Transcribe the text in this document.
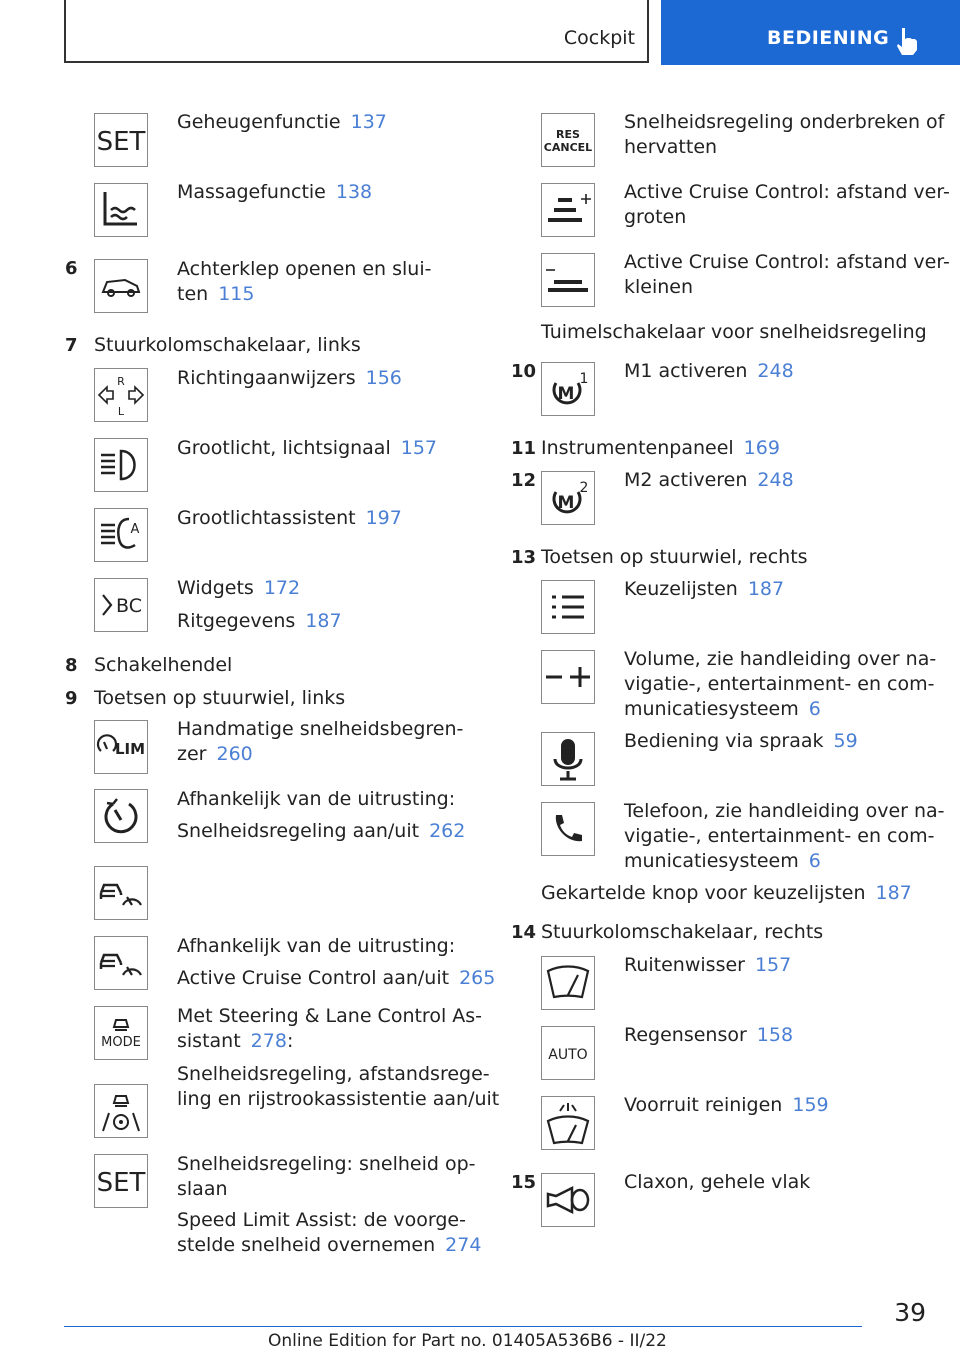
Cockpit	BEDIENING
SET
Geheugenfunctie 137
Massagefunctie 138
6	Achterklep openen en slui-
ten 115
7 Stuurkolomschakelaar, links
R
L
Richtingaanwijzers 156
Grootlicht, lichtsignaal 157
A
Grootlichtassistent 197
BC
Widgets 172
Ritgegevens 187
8 Schakelhendel
9 Toetsen op stuurwiel, links
LIM
Handmatige snelheidsbegren-
zer 260
Afhankelijk van de uitrusting:
Snelheidsregeling aan/uit 262
Afhankelijk van de uitrusting:
Active Cruise Control aan/uit 265
MODE
Met Steering & Lane Control As-
sistant 278:
Snelheidsregeling, afstandsrege-
ling en rijstrookassistentie aan/uit
SET
Snelheidsregeling: snelheid op-
slaan
Speed Limit Assist: de voorge-
stelde snelheid overnemen 274
RES
CANCEL
Snelheidsregeling onderbreken of
hervatten
Active Cruise Control: afstand ver-
groten
Active Cruise Control: afstand ver-
kleinen
Tuimelschakelaar voor snelheidsregeling
10
M
1 M1 activeren 248
11 Instrumentenpaneel 169
12
M
2 M2 activeren 248
13 Toetsen op stuurwiel, rechts
Keuzelijsten 187
Volume, zie handleiding over na-
vigatie-, entertainment- en com-
municatiesysteem 6
Bediening via spraak 59
Telefoon, zie handleiding over na-
vigatie-, entertainment- en com-
municatiesysteem 6
Gekartelde knop voor keuzelijsten 187
14 Stuurkolomschakelaar, rechts
Ruitenwisser 157
AUTO
Regensensor 158
Voorruit reinigen 159
15	Claxon, gehele vlak
39
Online Edition for Part no. 01405A536B6 - II/22
